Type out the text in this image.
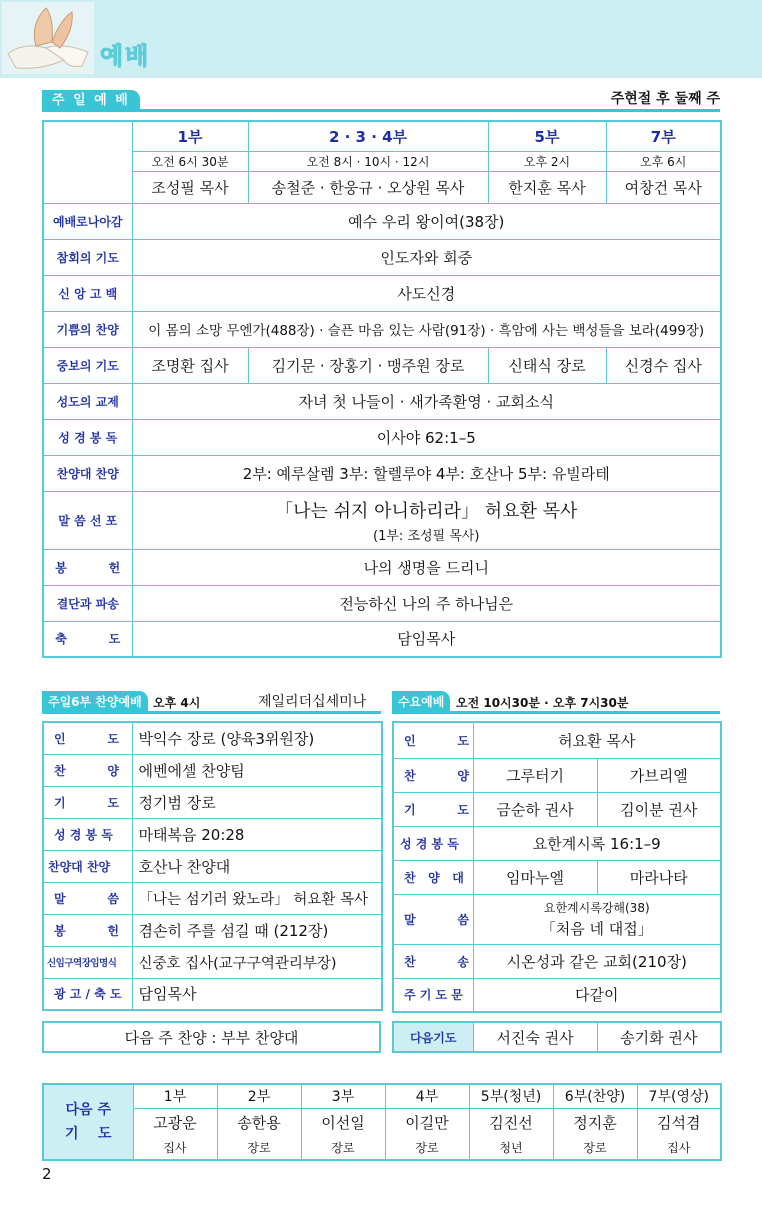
예배
주 일 예 배	주현절 후 둘째 주
	1부	2 · 3 · 4부	5부	7부
	오전 6시 30분	오전 8시 · 10시 · 12시	오후 2시	오후 6시
	조성필 목사	송철준 · 한웅규 · 오상원 목사	한지훈 목사	여창건 목사
예배로나아감	예수 우리 왕이여(38장)			
참회의 기도	인도자와 회중			
신 앙 고 백	사도신경			
기쁨의 찬양	이 몸의 소망 무엔가(488장) · 슬픈 마음 있는 사람(91장) · 흑암에 사는 백성들을 보라(499장)			
중보의 기도	조명환 집사	김기문 · 장홍기 · 맹주원 장로	신태식 장로	신경수 집사
성도의 교제	자녀 첫 나들이 · 새가족환영 · 교회소식			
성 경 봉 독	이사야 62:1–5			
찬양대 찬양	2부: 예루살렘 3부: 할렐루야 4부: 호산나 5부: 유빌라테			
말 씀 선 포	「나는 쉬지 아니하리라」 허요환 목사
(1부: 조성필 목사)			

봉          헌	나의 생명을 드리니			
결단과 파송	전능하신 나의 주 하나님은			
축          도	담임목사			
주일6부 찬양예배 오후 4시	제일리더십세미나
인          도	박익수 장로 (양육3위원장)
찬          양	에벤에셀 찬양팀
기          도	정기범 장로
성 경 봉 독	마태복음 20:28
찬양대 찬양	호산나 찬양대
말          씀	「나는 섬기러 왔노라」 허요환 목사
봉          헌	겸손히 주를 섬길 때 (212장)
신임구역장임명식	신중호 집사(교구구역관리부장)
광 고 / 축 도	담임목사
다음 주 찬양 : 부부 찬양대
수요예배 오전 10시30분 · 오후 7시30분
인          도	허요환 목사	
찬          양	그루터기	가브리엘
기          도	금순하 권사	김이분 권사
성 경 봉 독	요한계시록 16:1–9	
찬   양   대	임마누엘	마라나타
말          씀	요한계시록강해(38)
「처음 네 대접」	

찬          송	시온성과 같은 교회(210장)	
주 기 도 문	다같이	
다음기도	서진숙 권사	송기화 권사
다음 주
기    도	1부	2부	3부	4부	5부(청년)	6부(찬양)	7부(영상)
	고광운	송한용	이선일	이길만	김진선	정지훈	김석겸
	집사	장로	장로	장로	청년	장로	집사
2
